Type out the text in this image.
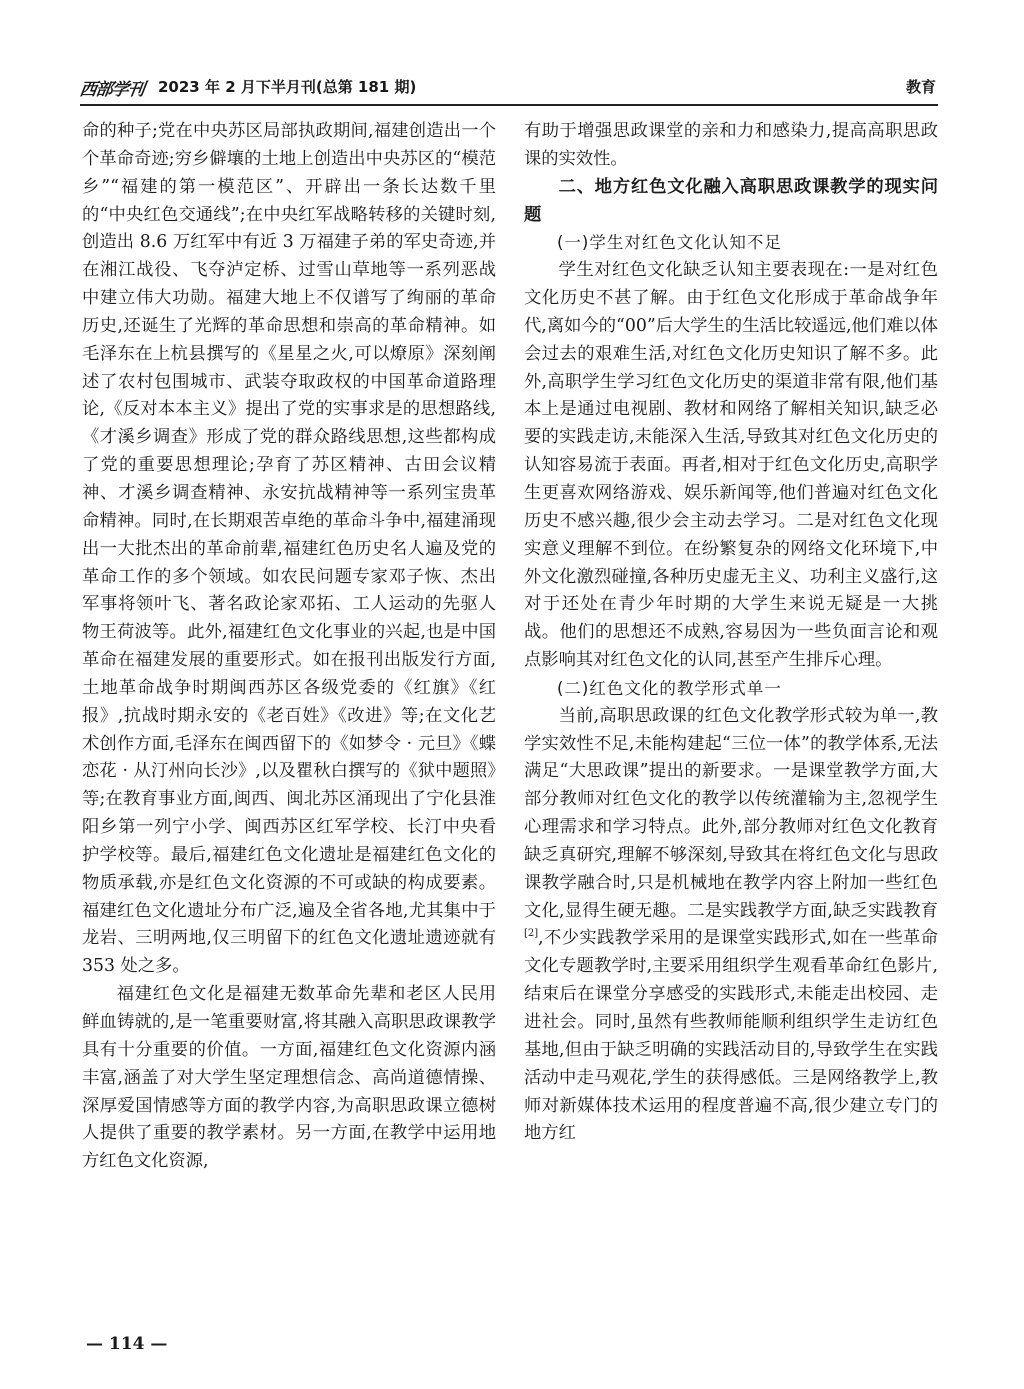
西部学刊 2023 年 2 月下半月刊(总第 181 期)	教育

命的种子;党在中央苏区局部执政期间,福建创造出一个个革命奇迹;穷乡僻壤的土地上创造出中央苏区的“模范乡”“福建的第一模范区”、开辟出一条长达数千里的“中央红色交通线”;在中央红军战略转移的关键时刻,创造出 8.6 万红军中有近 3 万福建子弟的军史奇迹,并在湘江战役、飞夺泸定桥、过雪山草地等一系列恶战中建立伟大功勋。福建大地上不仅谱写了绚丽的革命历史,还诞生了光辉的革命思想和崇高的革命精神。如毛泽东在上杭县撰写的《星星之火,可以燎原》深刻阐述了农村包围城市、武装夺取政权的中国革命道路理论,《反对本本主义》提出了党的实事求是的思想路线,《才溪乡调查》形成了党的群众路线思想,这些都构成了党的重要思想理论;孕育了苏区精神、古田会议精神、才溪乡调查精神、永安抗战精神等一系列宝贵革命精神。同时,在长期艰苦卓绝的革命斗争中,福建涌现出一大批杰出的革命前辈,福建红色历史名人遍及党的革命工作的多个领域。如农民问题专家邓子恢、杰出军事将领叶飞、著名政论家邓拓、工人运动的先驱人物王荷波等。此外,福建红色文化事业的兴起,也是中国革命在福建发展的重要形式。如在报刊出版发行方面,土地革命战争时期闽西苏区各级党委的《红旗》《红报》,抗战时期永安的《老百姓》《改进》等;在文化艺术创作方面,毛泽东在闽西留下的《如梦令 · 元旦》《蝶恋花 · 从汀州向长沙》,以及瞿秋白撰写的《狱中题照》等;在教育事业方面,闽西、闽北苏区涌现出了宁化县淮阳乡第一列宁小学、闽西苏区红军学校、长汀中央看护学校等。最后,福建红色文化遗址是福建红色文化的物质承载,亦是红色文化资源的不可或缺的构成要素。福建红色文化遗址分布广泛,遍及全省各地,尤其集中于龙岩、三明两地,仅三明留下的红色文化遗址遗迹就有353 处之多。

福建红色文化是福建无数革命先辈和老区人民用鲜血铸就的,是一笔重要财富,将其融入高职思政课教学具有十分重要的价值。一方面,福建红色文化资源内涵丰富,涵盖了对大学生坚定理想信念、高尚道德情操、深厚爱国情感等方面的教学内容,为高职思政课立德树人提供了重要的教学素材。另一方面,在教学中运用地方红色文化资源,

有助于增强思政课堂的亲和力和感染力,提高高职思政课的实效性。

二、地方红色文化融入高职思政课教学的现实问题
(一)学生对红色文化认知不足

学生对红色文化缺乏认知主要表现在:一是对红色文化历史不甚了解。由于红色文化形成于革命战争年代,离如今的“00”后大学生的生活比较遥远,他们难以体会过去的艰难生活,对红色文化历史知识了解不多。此外,高职学生学习红色文化历史的渠道非常有限,他们基本上是通过电视剧、教材和网络了解相关知识,缺乏必要的实践走访,未能深入生活,导致其对红色文化历史的认知容易流于表面。再者,相对于红色文化历史,高职学生更喜欢网络游戏、娱乐新闻等,他们普遍对红色文化历史不感兴趣,很少会主动去学习。二是对红色文化现实意义理解不到位。在纷繁复杂的网络文化环境下,中外文化激烈碰撞,各种历史虚无主义、功利主义盛行,这对于还处在青少年时期的大学生来说无疑是一大挑战。他们的思想还不成熟,容易因为一些负面言论和观点影响其对红色文化的认同,甚至产生排斥心理。

(二)红色文化的教学形式单一

当前,高职思政课的红色文化教学形式较为单一,教学实效性不足,未能构建起“三位一体”的教学体系,无法满足“大思政课”提出的新要求。一是课堂教学方面,大部分教师对红色文化的教学以传统灌输为主,忽视学生心理需求和学习特点。此外,部分教师对红色文化教育缺乏真研究,理解不够深刻,导致其在将红色文化与思政课教学融合时,只是机械地在教学内容上附加一些红色文化,显得生硬无趣。二是实践教学方面,缺乏实践教育[2],不少实践教学采用的是课堂实践形式,如在一些革命文化专题教学时,主要采用组织学生观看革命红色影片,结束后在课堂分享感受的实践形式,未能走出校园、走进社会。同时,虽然有些教师能顺利组织学生走访红色基地,但由于缺乏明确的实践活动目的,导致学生在实践活动中走马观花,学生的获得感低。三是网络教学上,教师对新媒体技术运用的程度普遍不高,很少建立专门的地方红

— 114 —
